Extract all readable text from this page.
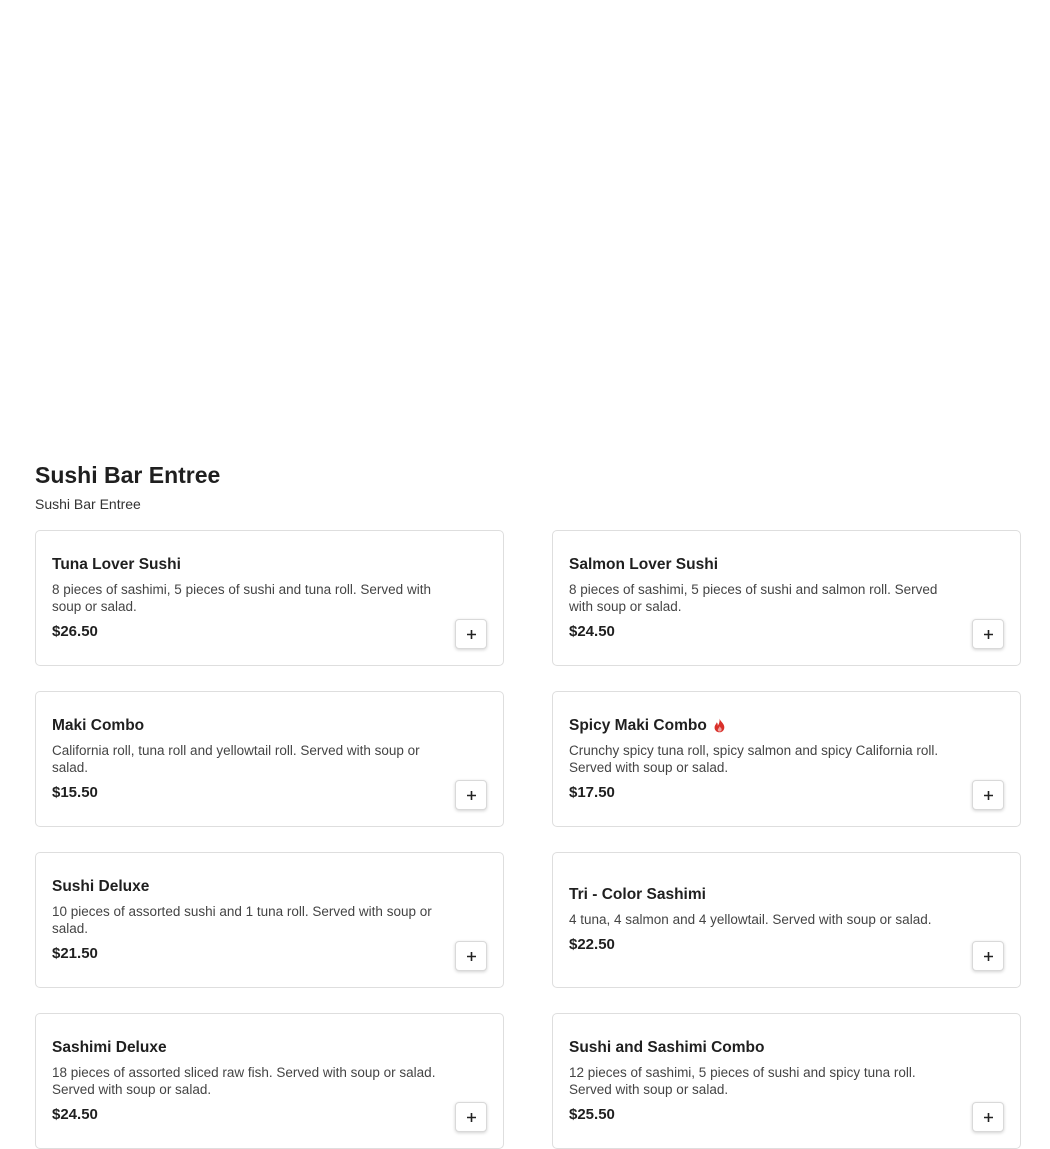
Sushi Bar Entree
Sushi Bar Entree
Tuna Lover Sushi
8 pieces of sashimi, 5 pieces of sushi and tuna roll. Served with soup or salad.
$26.50
Salmon Lover Sushi
8 pieces of sashimi, 5 pieces of sushi and salmon roll. Served with soup or salad.
$24.50
Maki Combo
California roll, tuna roll and yellowtail roll. Served with soup or salad.
$15.50
Spicy Maki Combo
Crunchy spicy tuna roll, spicy salmon and spicy California roll. Served with soup or salad.
$17.50
Sushi Deluxe
10 pieces of assorted sushi and 1 tuna roll. Served with soup or salad.
$21.50
Tri - Color Sashimi
4 tuna, 4 salmon and 4 yellowtail. Served with soup or salad.
$22.50
Sashimi Deluxe
18 pieces of assorted sliced raw fish. Served with soup or salad. Served with soup or salad.
$24.50
Sushi and Sashimi Combo
12 pieces of sashimi, 5 pieces of sushi and spicy tuna roll. Served with soup or salad.
$25.50
